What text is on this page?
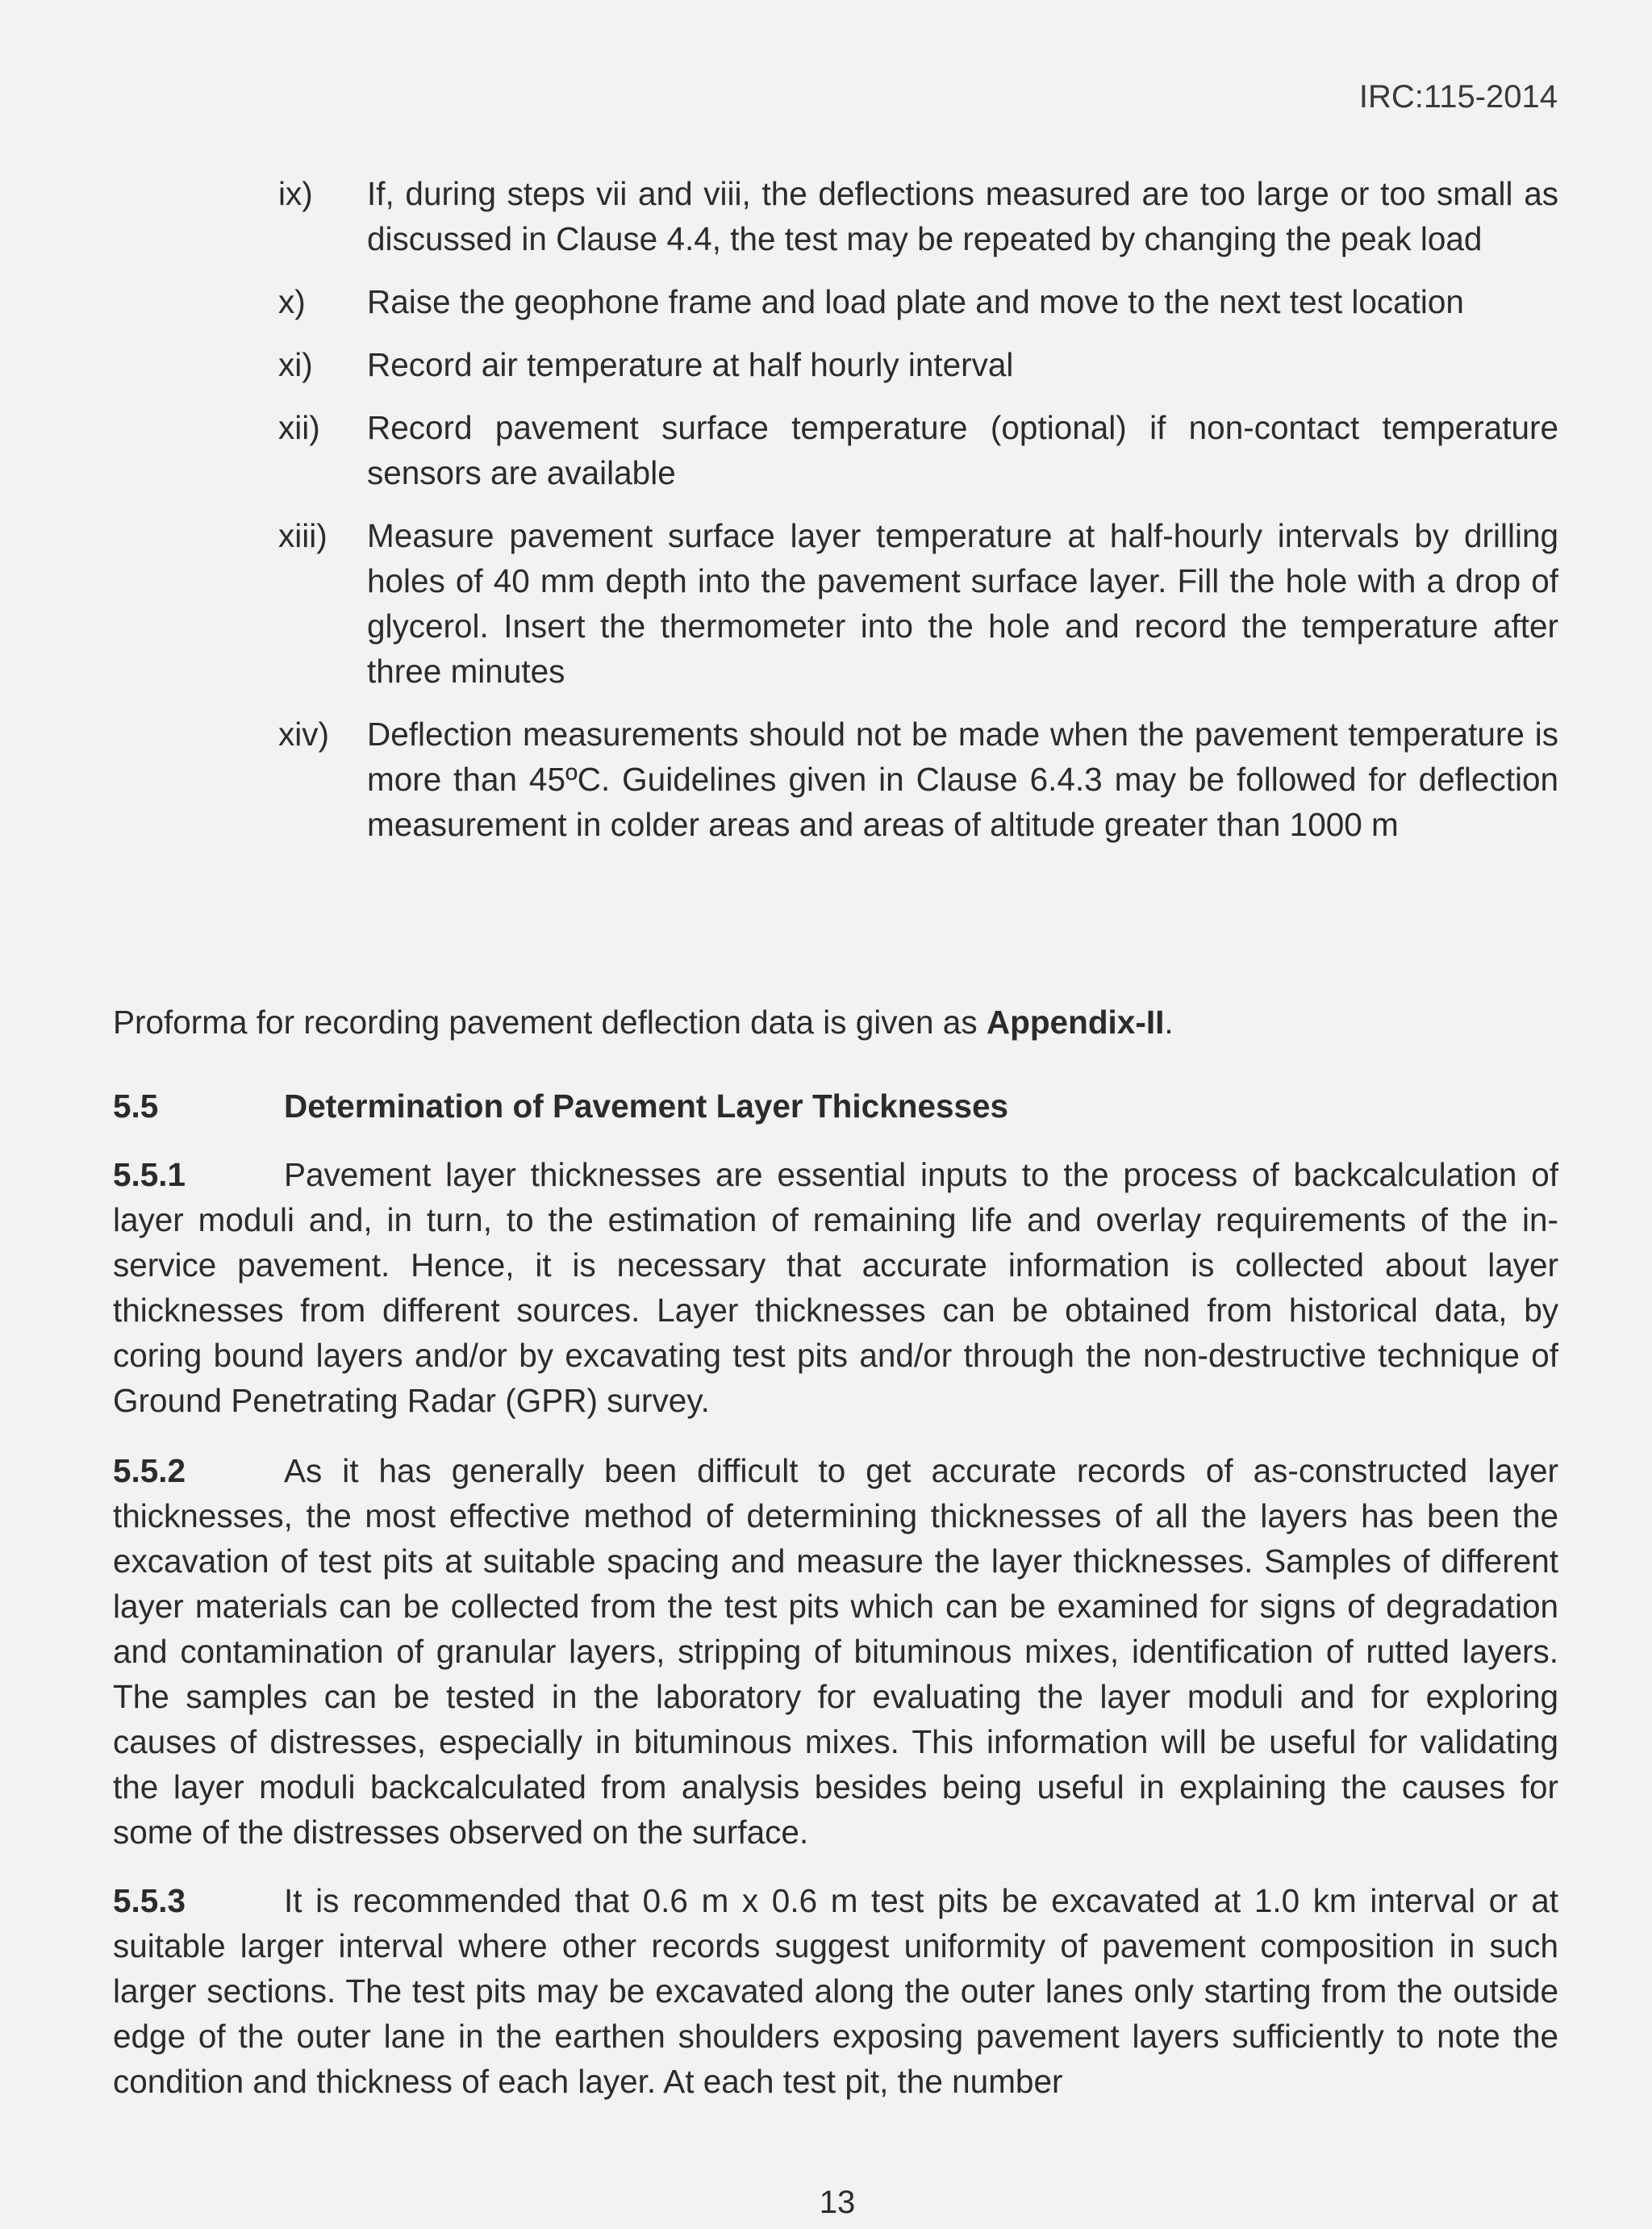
IRC:115-2014
ix)	If, during steps vii and viii, the deflections measured are too large or too small as discussed in Clause 4.4, the test may be repeated by changing the peak load
x)	Raise the geophone frame and load plate and move to the next test location
xi)	Record air temperature at half hourly interval
xii)	Record pavement surface temperature (optional) if non-contact temperature sensors are available
xiii)	Measure pavement surface layer temperature at half-hourly intervals by drilling holes of 40 mm depth into the pavement surface layer. Fill the hole with a drop of glycerol. Insert the thermometer into the hole and record the temperature after three minutes
xiv)	Deflection measurements should not be made when the pavement temperature is more than 45ºC. Guidelines given in Clause 6.4.3 may be followed for deflection measurement in colder areas and areas of altitude greater than 1000 m
Proforma for recording pavement deflection data is given as Appendix-II.
5.5	Determination of Pavement Layer Thicknesses
5.5.1	Pavement layer thicknesses are essential inputs to the process of backcalculation of layer moduli and, in turn, to the estimation of remaining life and overlay requirements of the in-service pavement. Hence, it is necessary that accurate information is collected about layer thicknesses from different sources. Layer thicknesses can be obtained from historical data, by coring bound layers and/or by excavating test pits and/or through the non-destructive technique of Ground Penetrating Radar (GPR) survey.
5.5.2	As it has generally been difficult to get accurate records of as-constructed layer thicknesses, the most effective method of determining thicknesses of all the layers has been the excavation of test pits at suitable spacing and measure the layer thicknesses. Samples of different layer materials can be collected from the test pits which can be examined for signs of degradation and contamination of granular layers, stripping of bituminous mixes, identification of rutted layers. The samples can be tested in the laboratory for evaluating the layer moduli and for exploring causes of distresses, especially in bituminous mixes. This information will be useful for validating the layer moduli backcalculated from analysis besides being useful in explaining the causes for some of the distresses observed on the surface.
5.5.3	It is recommended that 0.6 m x 0.6 m test pits be excavated at 1.0 km interval or at suitable larger interval where other records suggest uniformity of pavement composition in such larger sections. The test pits may be excavated along the outer lanes only starting from the outside edge of the outer lane in the earthen shoulders exposing pavement layers sufficiently to note the condition and thickness of each layer. At each test pit, the number
13
